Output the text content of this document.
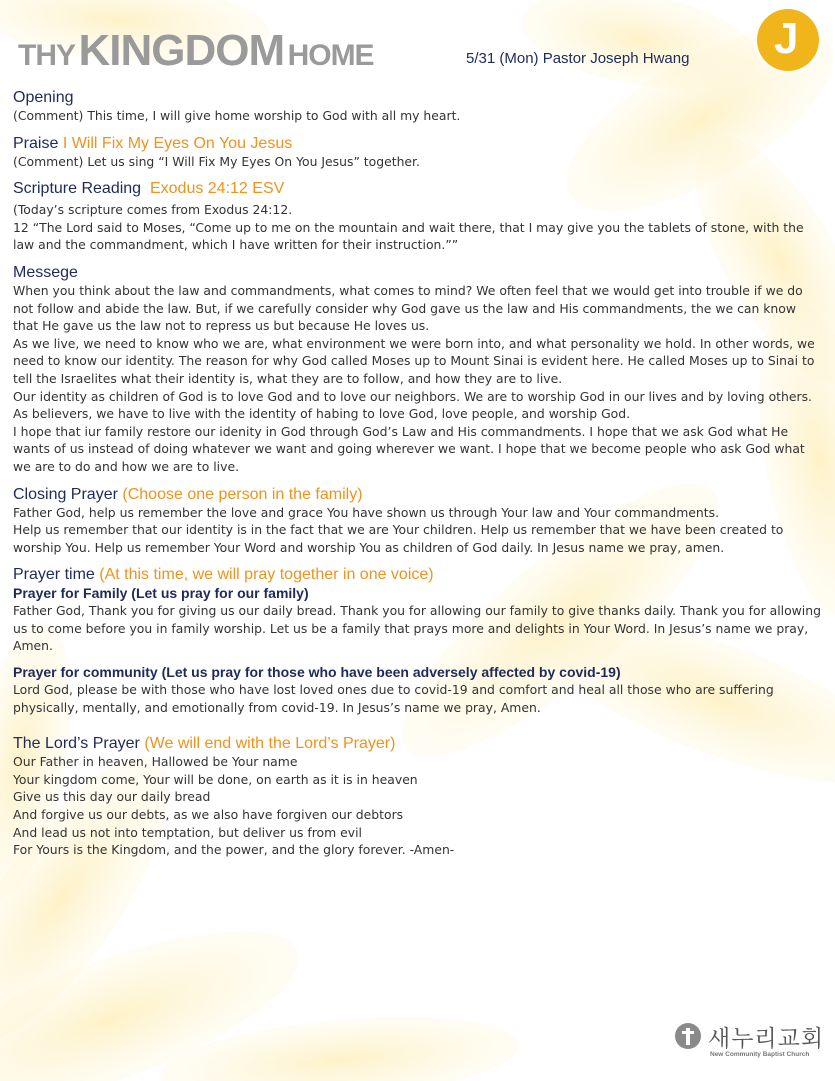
THY KINGDOM HOME	5/31 (Mon) Pastor Joseph Hwang J
Opening

(Comment) This time, I will give home worship to God with all my heart.

Praise I Will Fix My Eyes On You Jesus

(Comment) Let us sing “I Will Fix My Eyes On You Jesus” together.

Scripture Reading Exodus 24:12 ESV

(Today’s scripture comes from Exodus 24:12.

12 “The Lord said to Moses, “Come up to me on the mountain and wait there, that I may give you the tablets of stone, with the law and the commandment, which I have written for their instruction.””

Messege

When you think about the law and commandments, what comes to mind? We often feel that we would get into trouble if we do not follow and abide the law. But, if we carefully consider why God gave us the law and His commandments, the we can know that He gave us the law not to repress us but because He loves us.

As we live, we need to know who we are, what environment we were born into, and what personality we hold. In other words, we need to know our identity. The reason for why God called Moses up to Mount Sinai is evident here. He called Moses up to Sinai to tell the Israelites what their identity is, what they are to follow, and how they are to live.

Our identity as children of God is to love God and to love our neighbors. We are to worship God in our lives and by loving others.

As believers, we have to live with the identity of habing to love God, love people, and worship God.

I hope that iur family restore our idenity in God through God’s Law and His commandments. I hope that we ask God what He wants of us instead of doing whatever we want and going wherever we want. I hope that we become people who ask God what we are to do and how we are to live.

Closing Prayer (Choose one person in the family)

Father God, help us remember the love and grace You have shown us through Your law and Your commandments.

Help us remember that our identity is in the fact that we are Your children. Help us remember that we have been created to worship You. Help us remember Your Word and worship You as children of God daily. In Jesus name we pray, amen.

Prayer time (At this time, we will pray together in one voice)
Prayer for Family (Let us pray for our family)

Father God, Thank you for giving us our daily bread. Thank you for allowing our family to give thanks daily. Thank you for allowing us to come before you in family worship. Let us be a family that prays more and delights in Your Word. In Jesus’s name we pray, Amen.

Prayer for community (Let us pray for those who have been adversely affected by covid-19)

Lord God, please be with those who have lost loved ones due to covid-19 and comfort and heal all those who are suffering physically, mentally, and emotionally from covid-19. In Jesus’s name we pray, Amen.

The Lord’s Prayer (We will end with the Lord’s Prayer)

Our Father in heaven, Hallowed be Your name

Your kingdom come, Your will be done, on earth as it is in heaven

Give us this day our daily bread

And forgive us our debts, as we also have forgiven our debtors

And lead us not into temptation, but deliver us from evil

For Yours is the Kingdom, and the power, and the glory forever. -Amen-

새누리교회
New Community Baptist Church
